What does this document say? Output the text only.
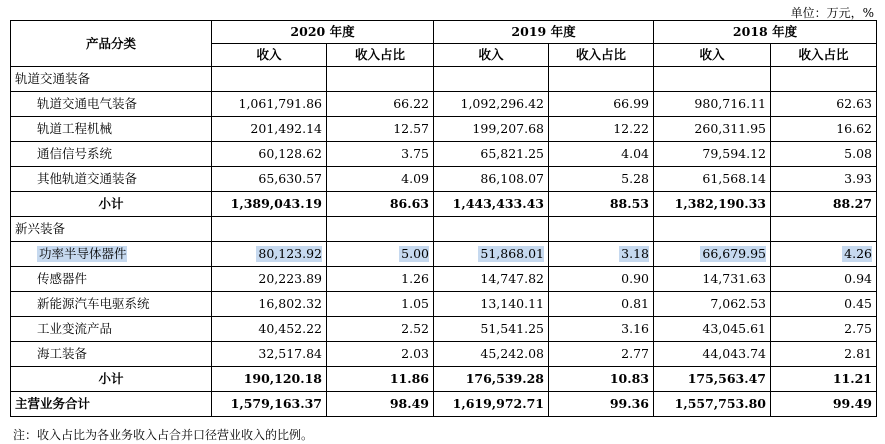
单位：万元，%
产品分类	2020 年度		2019 年度		2018 年度	
	收入	收入占比	收入	收入占比	收入	收入占比
轨道交通装备						
轨道交通电气装备	1,061,791.86	66.22	1,092,296.42	66.99	980,716.11	62.63
轨道工程机械	201,492.14	12.57	199,207.68	12.22	260,311.95	16.62
通信信号系统	60,128.62	3.75	65,821.25	4.04	79,594.12	5.08
其他轨道交通装备	65,630.57	4.09	86,108.07	5.28	61,568.14	3.93
小计	1,389,043.19	86.63	1,443,433.43	88.53	1,382,190.33	88.27
新兴装备						
功率半导体器件	80,123.92	5.00	51,868.01	3.18	66,679.95	4.26
传感器件	20,223.89	1.26	14,747.82	0.90	14,731.63	0.94
新能源汽车电驱系统	16,802.32	1.05	13,140.11	0.81	7,062.53	0.45
工业变流产品	40,452.22	2.52	51,541.25	3.16	43,045.61	2.75
海工装备	32,517.84	2.03	45,242.08	2.77	44,043.74	2.81
小计	190,120.18	11.86	176,539.28	10.83	175,563.47	11.21
主营业务合计	1,579,163.37	98.49	1,619,972.71	99.36	1,557,753.80	99.49
注：收入占比为各业务收入占合并口径营业收入的比例。
